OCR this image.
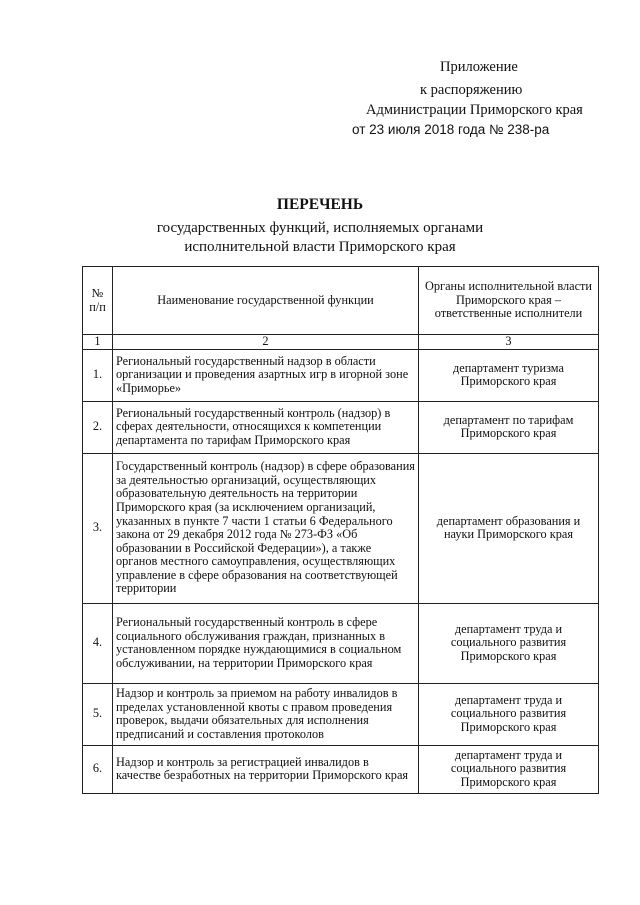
Приложение
к распоряжению
Администрации Приморского края
от 23 июля 2018 года № 238-ра
ПЕРЕЧЕНЬ
государственных функций, исполняемых органами
исполнительной власти Приморского края
№ п/п	Наименование государственной функции	Органы исполнительной власти Приморского края – ответственные исполнители
1	2	3
1.	Региональный государственный надзор в области организации и проведения азартных игр в игорной зоне «Приморье»	департамент туризма Приморского края
2.	Региональный государственный контроль (надзор) в сферах деятельности, относящихся к компетенции департамента по тарифам Приморского края	департамент по тарифам Приморского края
3.	Государственный контроль (надзор) в сфере образования за деятельностью организаций, осуществляющих образовательную деятельность на территории Приморского края (за исключением организаций, указанных в пункте 7 части 1 статьи 6 Федерального закона от 29 декабря 2012 года № 273-ФЗ «Об образовании в Российской Федерации»), а также органов местного самоуправления, осуществляющих управление в сфере образования на соответствующей территории	департамент образования и науки Приморского края
4.	Региональный государственный контроль в сфере социального обслуживания граждан, признанных в установленном порядке нуждающимися в социальном обслуживании, на территории Приморского края	департамент труда и социального развития Приморского края
5.	Надзор и контроль за приемом на работу инвалидов в пределах установленной квоты с правом проведения проверок, выдачи обязательных для исполнения предписаний и составления протоколов	департамент труда и социального развития Приморского края
6.	Надзор и контроль за регистрацией инвалидов в качестве безработных на территории Приморского края	департамент труда и социального развития Приморского края
